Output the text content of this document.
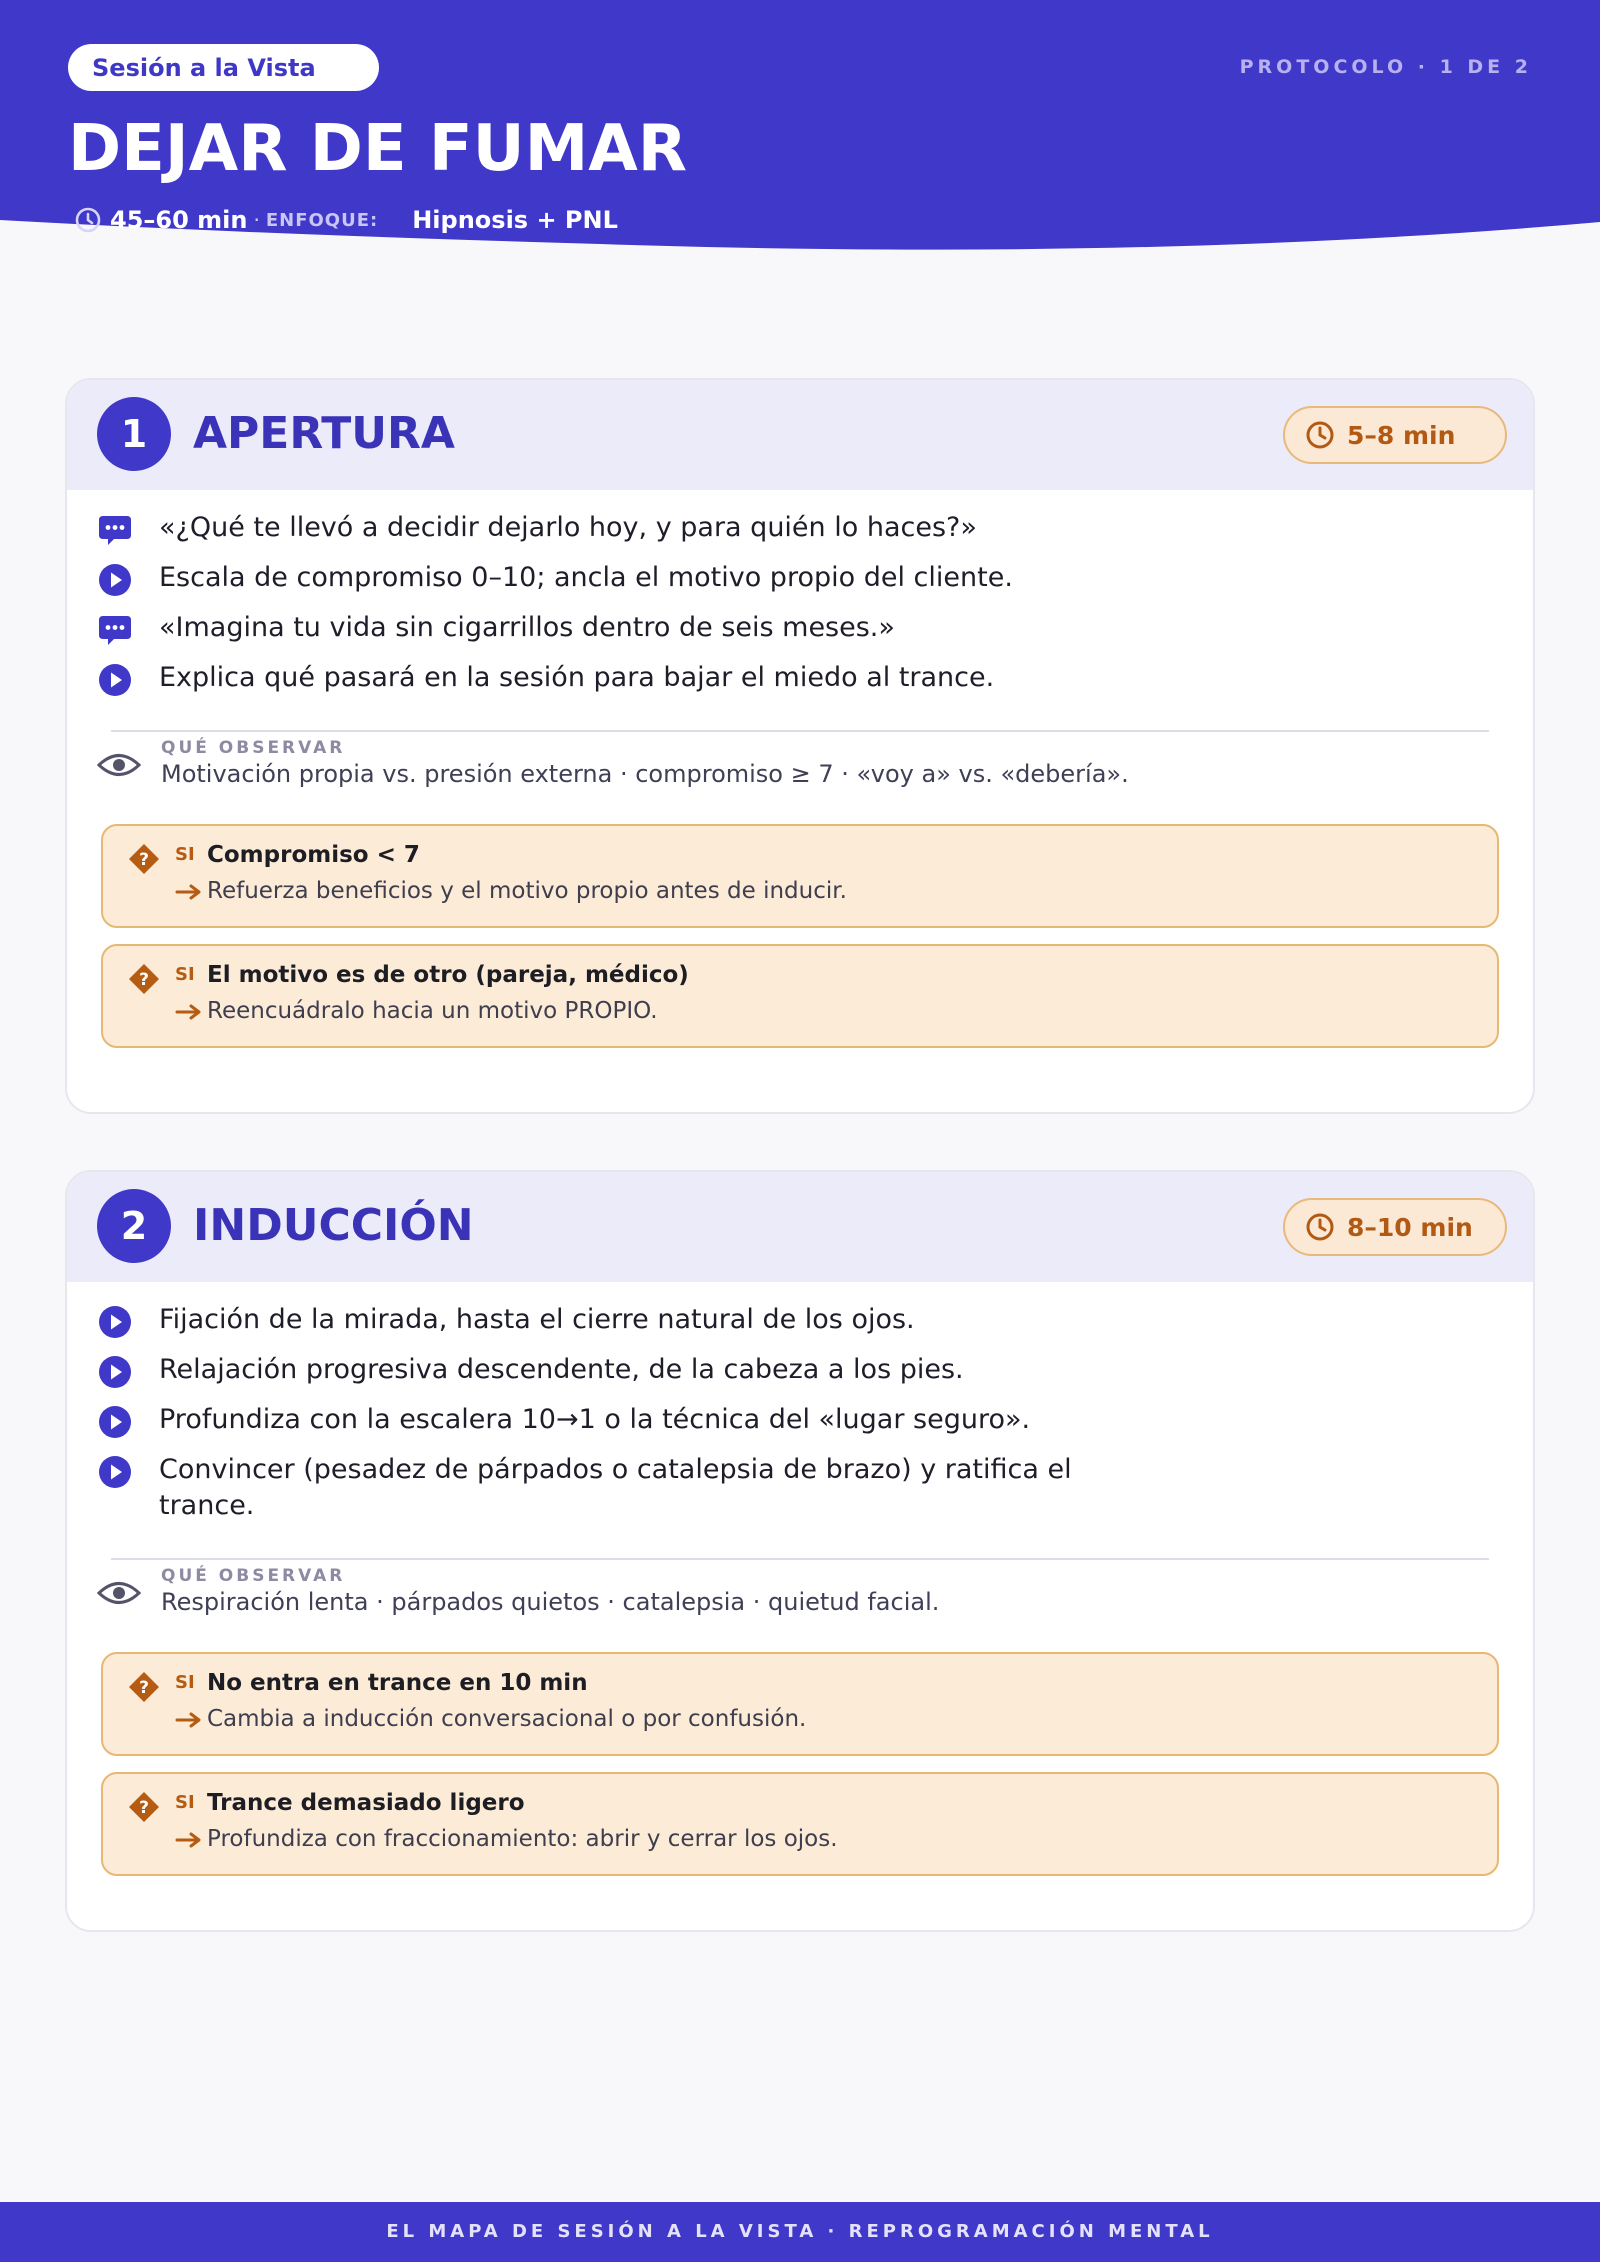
Sesión a la Vista	PROTOCOLO · 1 DE 2
DEJAR DE FUMAR
45–60 min · ENFOQUE: Hipnosis + PNL
1	APERTURA	5–8 min
«¿Qué te llevó a decidir dejarlo hoy, y para quién lo haces?»
Escala de compromiso 0–10; ancla el motivo propio del cliente.
«Imagina tu vida sin cigarrillos dentro de seis meses.»
Explica qué pasará en la sesión para bajar el miedo al trance.
QUÉ OBSERVAR
Motivación propia vs. presión externa · compromiso ≥ 7 · «voy a» vs. «debería».
? SI Compromiso < 7
Refuerza beneficios y el motivo propio antes de inducir.
? SI El motivo es de otro (pareja, médico)
Reencuádralo hacia un motivo PROPIO.
2	INDUCCIÓN	8–10 min
Fijación de la mirada, hasta el cierre natural de los ojos.
Relajación progresiva descendente, de la cabeza a los pies.
Profundiza con la escalera 10→1 o la técnica del «lugar seguro».
Convincer (pesadez de párpados o catalepsia de brazo) y ratifica el trance.
QUÉ OBSERVAR
Respiración lenta · párpados quietos · catalepsia · quietud facial.
? SI No entra en trance en 10 min
Cambia a inducción conversacional o por confusión.
? SI Trance demasiado ligero
Profundiza con fraccionamiento: abrir y cerrar los ojos.
EL MAPA DE SESIÓN A LA VISTA · REPROGRAMACIÓN MENTAL
